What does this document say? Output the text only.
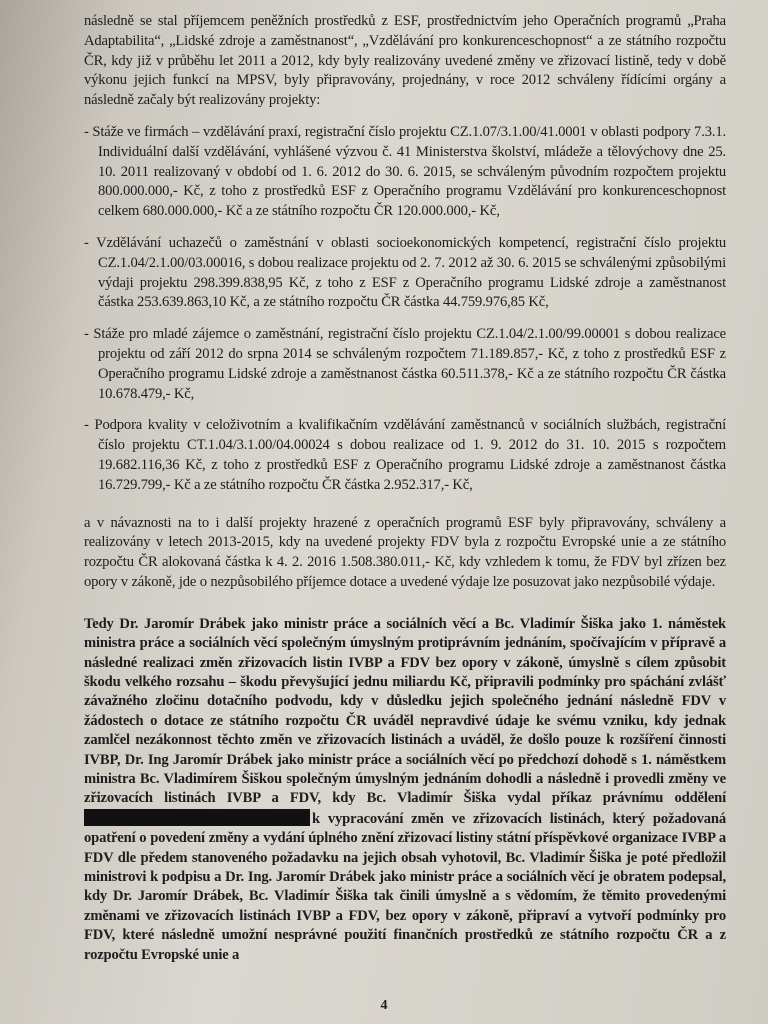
následně se stal příjemcem peněžních prostředků z ESF, prostřednictvím jeho Operačních programů „Praha Adaptabilita“, „Lidské zdroje a zaměstnanost“, „Vzdělávání pro konkurenceschopnost“ a ze státního rozpočtu ČR, kdy již v průběhu let 2011 a 2012, kdy byly realizovány uvedené změny ve zřizovací listině, tedy v době výkonu jejich funkcí na MPSV, byly připravovány, projednány, v roce 2012 schváleny řídícími orgány a následně začaly být realizovány projekty:

- Stáže ve firmách – vzdělávání praxí, registrační číslo projektu CZ.1.07/3.1.00/41.0001 v oblasti podpory 7.3.1. Individuální další vzdělávání, vyhlášené výzvou č. 41 Ministerstva školství, mládeže a tělovýchovy dne 25. 10. 2011 realizovaný v období od 1. 6. 2012 do 30. 6. 2015, se schváleným původním rozpočtem projektu 800.000.000,- Kč, z toho z prostředků ESF z Operačního programu Vzdělávání pro konkurenceschopnost celkem 680.000.000,- Kč a ze státního rozpočtu ČR 120.000.000,- Kč,

- Vzdělávání uchazečů o zaměstnání v oblasti socioekonomických kompetencí, registrační číslo projektu CZ.1.04/2.1.00/03.00016, s dobou realizace projektu od 2. 7. 2012 až 30. 6. 2015 se schválenými způsobilými výdaji projektu 298.399.838,95 Kč, z toho z ESF z Operačního programu Lidské zdroje a zaměstnanost částka 253.639.863,10 Kč, a ze státního rozpočtu ČR částka 44.759.976,85 Kč,

- Stáže pro mladé zájemce o zaměstnání, registrační číslo projektu CZ.1.04/2.1.00/99.00001 s dobou realizace projektu od září 2012 do srpna 2014 se schváleným rozpočtem 71.189.857,- Kč, z toho z prostředků ESF z Operačního programu Lidské zdroje a zaměstnanost částka 60.511.378,- Kč a ze státního rozpočtu ČR částka 10.678.479,- Kč,

- Podpora kvality v celoživotním a kvalifikačním vzdělávání zaměstnanců v sociálních službách, registrační číslo projektu CT.1.04/3.1.00/04.00024 s dobou realizace od 1. 9. 2012 do 31. 10. 2015 s rozpočtem 19.682.116,36 Kč, z toho z prostředků ESF z Operačního programu Lidské zdroje a zaměstnanost částka 16.729.799,- Kč a ze státního rozpočtu ČR částka 2.952.317,- Kč,

a v návaznosti na to i další projekty hrazené z operačních programů ESF byly připravovány, schváleny a realizovány v letech 2013-2015, kdy na uvedené projekty FDV byla z rozpočtu Evropské unie a ze státního rozpočtu ČR alokovaná částka k 4. 2. 2016 1.508.380.011,- Kč, kdy vzhledem k tomu, že FDV byl zřízen bez opory v zákoně, jde o nezpůsobilého příjemce dotace a uvedené výdaje lze posuzovat jako nezpůsobilé výdaje.

Tedy Dr. Jaromír Drábek jako ministr práce a sociálních věcí a Bc. Vladimír Šiška jako 1. náměstek ministra práce a sociálních věcí společným úmyslným protiprávním jednáním, spočívajícím v přípravě a následné realizaci změn zřizovacích listin IVBP a FDV bez opory v zákoně, úmyslně s cílem způsobit škodu velkého rozsahu – škodu převyšující jednu miliardu Kč, připravili podmínky pro spáchání zvlášť závažného zločinu dotačního podvodu, kdy v důsledku jejich společného jednání následně FDV v žádostech o dotace ze státního rozpočtu ČR uváděl nepravdivé údaje ke svému vzniku, kdy jednak zamlčel nezákonnost těchto změn ve zřizovacích listinách a uváděl, že došlo pouze k rozšíření činnosti IVBP, Dr. Ing Jaromír Drábek jako ministr práce a sociálních věcí po předchozí dohodě s 1. náměstkem ministra Bc. Vladimírem Šiškou společným úmyslným jednáním dohodli a následně i provedli změny ve zřizovacích listinách IVBP a FDV, kdy Bc. Vladimír Šiška vydal příkaz právnímu oddělení k vypracování změn ve zřizovacích listinách, který požadovaná opatření o povedení změny a vydání úplného znění zřizovací listiny státní příspěvkové organizace IVBP a FDV dle předem stanoveného požadavku na jejich obsah vyhotovil, Bc. Vladimír Šiška je poté předložil ministrovi k podpisu a Dr. Ing. Jaromír Drábek jako ministr práce a sociálních věcí je obratem podepsal, kdy Dr. Jaromír Drábek, Bc. Vladimír Šiška tak činili úmyslně a s vědomím, že těmito provedenými změnami ve zřizovacích listinách IVBP a FDV, bez opory v zákoně, připraví a vytvoří podmínky pro FDV, které následně umožní nesprávné použití finančních prostředků ze státního rozpočtu ČR a z rozpočtu Evropské unie a

4
